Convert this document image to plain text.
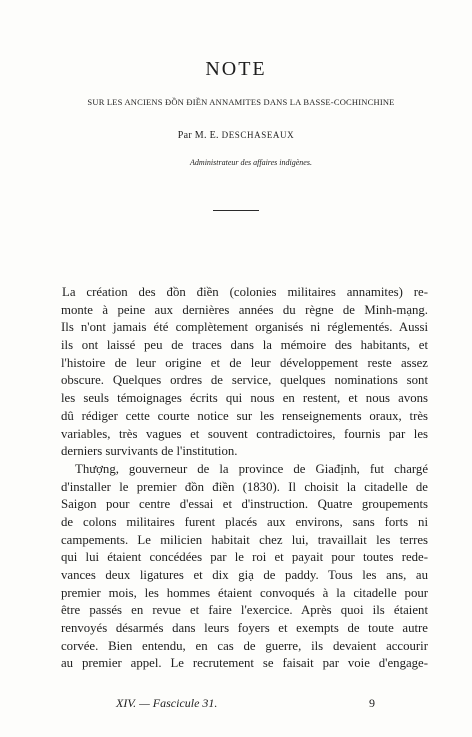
NOTE
SUR LES ANCIENS ĐỒN ĐIỀN ANNAMITES DANS LA BASSE-COCHINCHINE
Par M. E. DESCHASEAUX
Administrateur des affaires indigènes.
La création des đồn điền (colonies militaires annamites) re-
monte à peine aux dernières années du règne de Minh-mạng.
Ils n'ont jamais été complètement organisés ni réglementés. Aussi
ils ont laissé peu de traces dans la mémoire des habitants, et
l'histoire de leur origine et de leur développement reste assez
obscure. Quelques ordres de service, quelques nominations sont
les seuls témoignages écrits qui nous en restent, et nous avons
dû rédiger cette courte notice sur les renseignements oraux, très
variables, très vagues et souvent contradictoires, fournis par les
derniers survivants de l'institution.
Thượng, gouverneur de la province de Giađịnh, fut chargé
d'installer le premier đồn điền (1830). Il choisit la citadelle de
Saigon pour centre d'essai et d'instruction. Quatre groupements
de colons militaires furent placés aux environs, sans forts ni
campements. Le milicien habitait chez lui, travaillait les terres
qui lui étaient concédées par le roi et payait pour toutes rede-
vances deux ligatures et dix giạ de paddy. Tous les ans, au
premier mois, les hommes étaient convoqués à la citadelle pour
être passés en revue et faire l'exercice. Après quoi ils étaient
renvoyés désarmés dans leurs foyers et exempts de toute autre
corvée. Bien entendu, en cas de guerre, ils devaient accourir
au premier appel. Le recrutement se faisait par voie d'engage-
XIV. — Fascicule 31.	9
